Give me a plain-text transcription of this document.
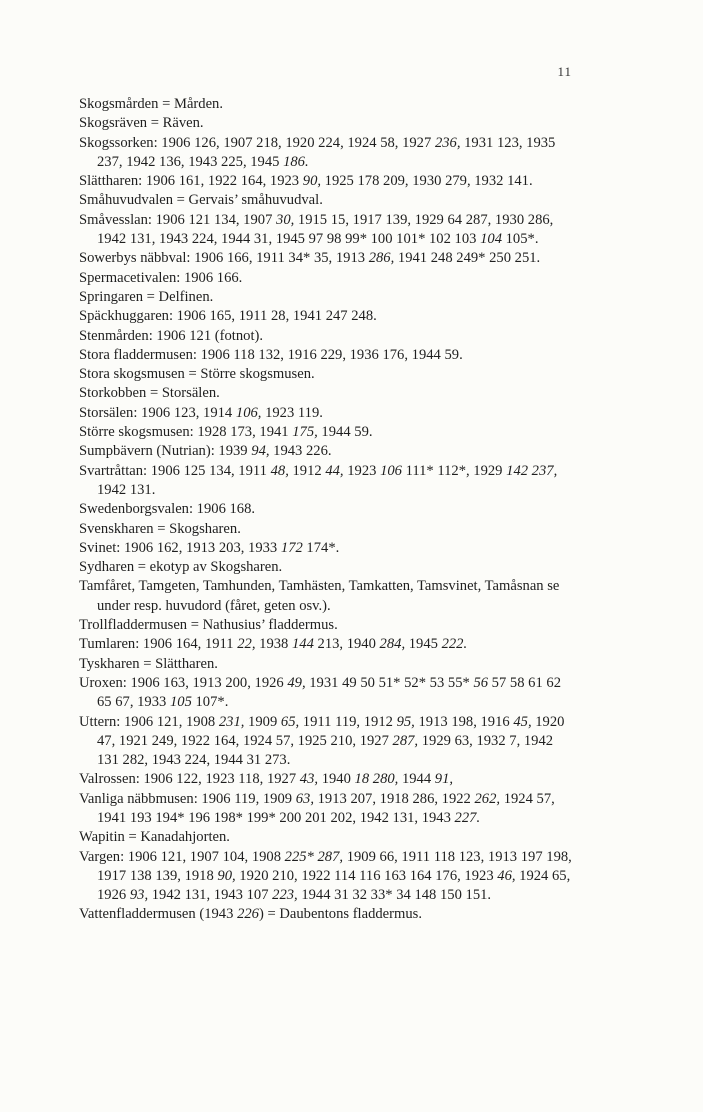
11

Skogsmården = Mården.

Skogsräven = Räven.

Skogssorken: 1906 126, 1907 218, 1920 224, 1924 58, 1927 236, 1931 123, 1935 237, 1942 136, 1943 225, 1945 186.

Slättharen: 1906 161, 1922 164, 1923 90, 1925 178 209, 1930 279, 1932 141.

Småhuvudvalen = Gervais’ småhuvudval.

Småvesslan: 1906 121 134, 1907 30, 1915 15, 1917 139, 1929 64 287, 1930 286, 1942 131, 1943 224, 1944 31, 1945 97 98 99* 100 101* 102 103 104 105*.

Sowerbys näbbval: 1906 166, 1911 34* 35, 1913 286, 1941 248 249* 250 251.

Spermacetivalen: 1906 166.

Springaren = Delfinen.

Späckhuggaren: 1906 165, 1911 28, 1941 247 248.

Stenmården: 1906 121 (fotnot).

Stora fladdermusen: 1906 118 132, 1916 229, 1936 176, 1944 59.

Stora skogsmusen = Större skogsmusen.

Storkobben = Storsälen.

Storsälen: 1906 123, 1914 106, 1923 119.

Större skogsmusen: 1928 173, 1941 175, 1944 59.

Sumpbävern (Nutrian): 1939 94, 1943 226.

Svartråttan: 1906 125 134, 1911 48, 1912 44, 1923 106 111* 112*, 1929 142 237, 1942 131.

Swedenborgsvalen: 1906 168.

Svenskharen = Skogsharen.

Svinet: 1906 162, 1913 203, 1933 172 174*.

Sydharen = ekotyp av Skogsharen.

Tamfåret, Tamgeten, Tamhunden, Tamhästen, Tamkatten, Tamsvinet, Tamåsnan se under resp. huvudord (fåret, geten osv.).

Trollfladdermusen = Nathusius’ fladdermus.

Tumlaren: 1906 164, 1911 22, 1938 144 213, 1940 284, 1945 222.

Tyskharen = Slättharen.

Uroxen: 1906 163, 1913 200, 1926 49, 1931 49 50 51* 52* 53 55* 56 57 58 61 62 65 67, 1933 105 107*.

Uttern: 1906 121, 1908 231, 1909 65, 1911 119, 1912 95, 1913 198, 1916 45, 1920 47, 1921 249, 1922 164, 1924 57, 1925 210, 1927 287, 1929 63, 1932 7, 1942 131 282, 1943 224, 1944 31 273.

Valrossen: 1906 122, 1923 118, 1927 43, 1940 18 280, 1944 91,

Vanliga näbbmusen: 1906 119, 1909 63, 1913 207, 1918 286, 1922 262, 1924 57, 1941 193 194* 196 198* 199* 200 201 202, 1942 131, 1943 227.

Wapitin = Kanadahjorten.

Vargen: 1906 121, 1907 104, 1908 225* 287, 1909 66, 1911 118 123, 1913 197 198, 1917 138 139, 1918 90, 1920 210, 1922 114 116 163 164 176, 1923 46, 1924 65, 1926 93, 1942 131, 1943 107 223, 1944 31 32 33* 34 148 150 151.

Vattenfladdermusen (1943 226) = Daubentons fladdermus.
